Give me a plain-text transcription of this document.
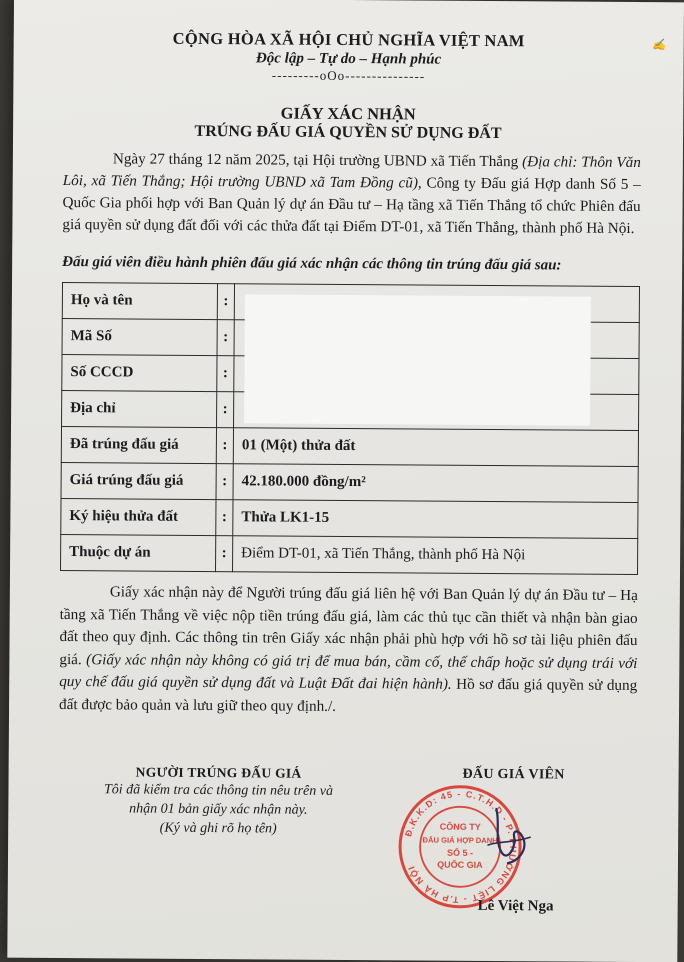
✍
CỘNG HÒA XÃ HỘI CHỦ NGHĨA VIỆT NAM
Độc lập – Tự do – Hạnh phúc
---------oOo---------------
GIẤY XÁC NHẬN
TRÚNG ĐẤU GIÁ QUYỀN SỬ DỤNG ĐẤT
Ngày 27 tháng 12 năm 2025, tại Hội trường UBND xã Tiến Thắng (Địa chỉ: Thôn Văn Lôi, xã Tiến Thắng; Hội trường UBND xã Tam Đồng cũ), Công ty Đấu giá Hợp danh Số 5 – Quốc Gia phối hợp với Ban Quản lý dự án Đầu tư – Hạ tầng xã Tiến Thắng tổ chức Phiên đấu giá quyền sử dụng đất đối với các thửa đất tại Điểm DT-01, xã Tiến Thắng, thành phố Hà Nội.
Đấu giá viên điều hành phiên đấu giá xác nhận các thông tin trúng đấu giá sau:
Họ và tên	:	
Mã Số	:	
Số CCCD	:	
Địa chỉ	:	
Đã trúng đấu giá	:	01 (Một) thửa đất
Giá trúng đấu giá	:	42.180.000 đồng/m²
Ký hiệu thửa đất	:	Thửa LK1-15
Thuộc dự án	:	Điểm DT-01, xã Tiến Thắng, thành phố Hà Nội
Giấy xác nhận này để Người trúng đấu giá liên hệ với Ban Quản lý dự án Đầu tư – Hạ tầng xã Tiến Thắng về việc nộp tiền trúng đấu giá, làm các thủ tục cần thiết và nhận bàn giao đất theo quy định. Các thông tin trên Giấy xác nhận phải phù hợp với hồ sơ tài liệu phiên đấu giá. (Giấy xác nhận này không có giá trị để mua bán, cầm cố, thế chấp hoặc sử dụng trái với quy chế đấu giá quyền sử dụng đất và Luật Đất đai hiện hành). Hồ sơ đấu giá quyền sử dụng đất được bảo quản và lưu giữ theo quy định./.
NGƯỜI TRÚNG ĐẤU GIÁ
Tôi đã kiểm tra các thông tin nêu trên và
nhận 01 bản giấy xác nhận này.
(Ký và ghi rõ họ tên)
ĐẤU GIÁ VIÊN
Đ.K.K.D: 45 - C.T.H.D - P. PHƯỜNG LIỆT - T.P HÀ NỘI
CÔNG TY
ĐẤU GIÁ HỢP DANH
SỐ 5 -
QUỐC GIA
Lê Việt Nga
